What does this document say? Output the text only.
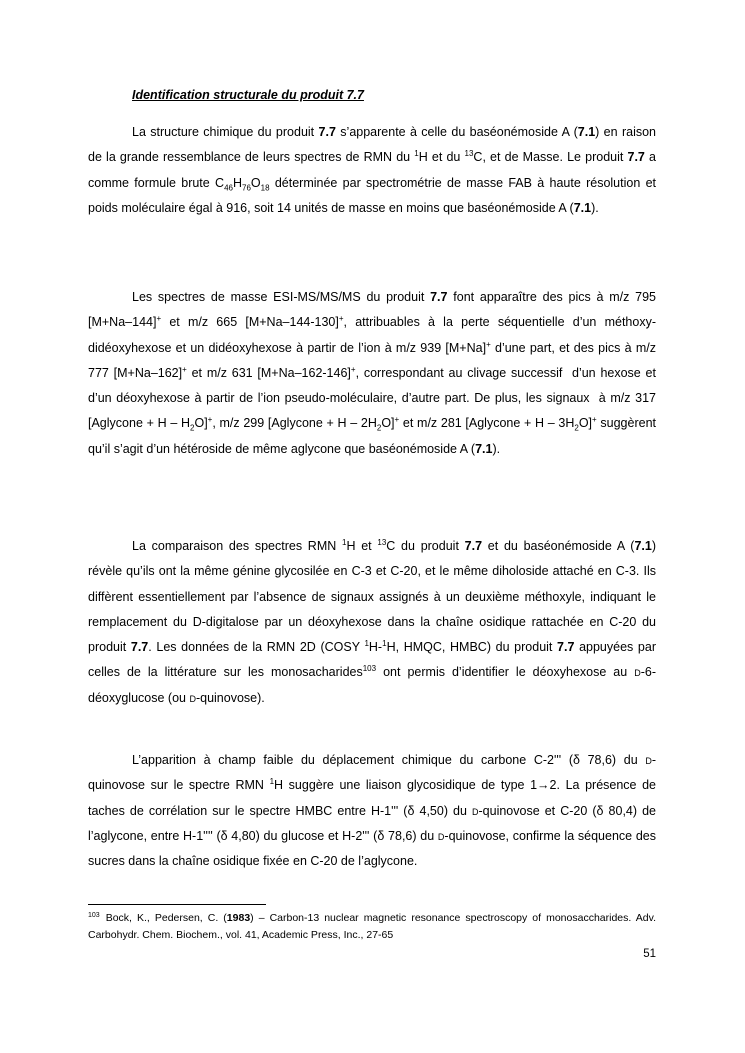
Identification structurale du produit 7.7
La structure chimique du produit 7.7 s’apparente à celle du baséonémoside A (7.1) en raison de la grande ressemblance de leurs spectres de RMN du $^1$H et du $^{13}$C, et de Masse. Le produit 7.7 a comme formule brute $C_{46}H_{76}O_{18}$ déterminée par spectrométrie de masse FAB à haute résolution et poids moléculaire égal à 916, soit 14 unités de masse en moins que baséonémoside A (7.1).
Les spectres de masse ESI-MS/MS/MS du produit 7.7 font apparaître des pics à m/z 795 [M+Na–144]+ et m/z 665 [M+Na–144-130]+, attribuables à la perte séquentielle d’un méthoxy-didéoxyhexose et un didéoxyhexose à partir de l’ion à m/z 939 [M+Na]+ d’une part, et des pics à m/z 777 [M+Na–162]+ et m/z 631 [M+Na–162-146]+, correspondant au clivage successif  d’un hexose et d’un déoxyhexose à partir de l’ion pseudo-moléculaire, d’autre part. De plus, les signaux  à m/z 317 [Aglycone + H – $H_2O]^+$, m/z 299 [Aglycone + H – $2H_2O]^+$ et m/z 281 [Aglycone + H – $3H_2O]^+$ suggèrent qu’il s’agit d’un hétéroside de même aglycone que baséonémoside A (7.1).
La comparaison des spectres RMN $^1$H et $^{13}$C du produit 7.7 et du baséonémoside A (7.1) révèle qu’ils ont la même génine glycosilée en C-3 et C-20, et le même diholoside attaché en C-3. Ils diffèrent essentiellement par l’absence de signaux assignés à un deuxième méthoxyle, indiquant le remplacement du D-digitalose par un déoxyhexose dans la chaîne osidique rattachée en C-20 du produit 7.7. Les données de la RMN 2D (COSY $^1$H-$^1$H, HMQC, HMBC) du produit 7.7 appuyées par celles de la littérature sur les monosacharides$^{103}$ ont permis d’identifier le déoxyhexose au d-6-déoxyglucose (ou d-quinovose).
L’apparition à champ faible du déplacement chimique du carbone C-2''' (δ 78,6) du d-quinovose sur le spectre RMN $^1$H suggère une liaison glycosidique de type 1→2. La présence de taches de corrélation sur le spectre HMBC entre H-1''' (δ 4,50) du d-quinovose et C-20 (δ 80,4) de l’aglycone, entre H-1'''' (δ 4,80) du glucose et H-2''' (δ 78,6) du d-quinovose, confirme la séquence des sucres dans la chaîne osidique fixée en C-20 de l’aglycone.
$^{103}$ Bock, K., Pedersen, C. (1983) – Carbon-13 nuclear magnetic resonance spectroscopy of monosaccharides. Adv. Carbohydr. Chem. Biochem., vol. 41, Academic Press, Inc., 27-65
51
